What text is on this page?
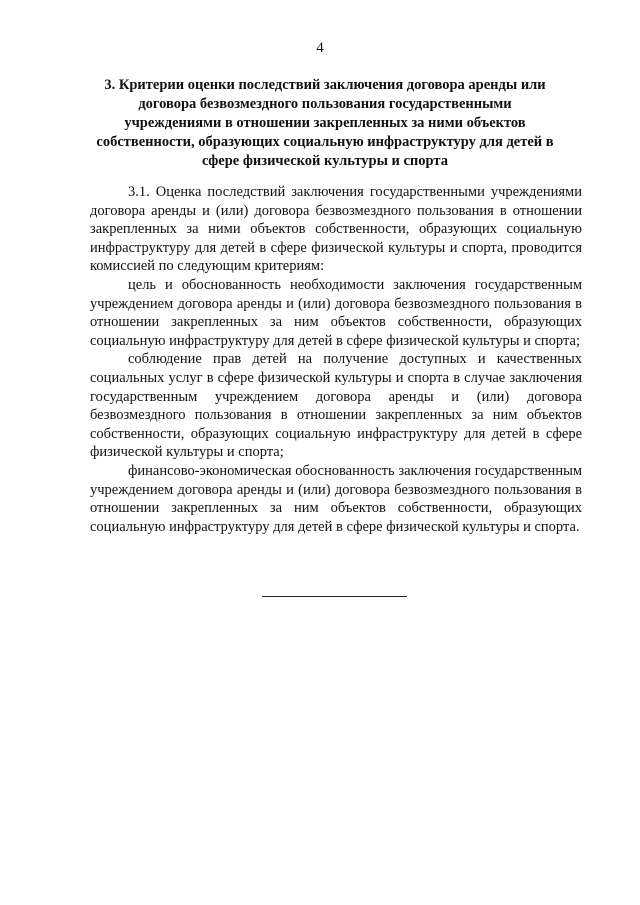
4
3. Критерии оценки последствий заключения договора аренды или договора безвозмездного пользования государственными учреждениями в отношении закрепленных за ними объектов собственности, образующих социальную инфраструктуру для детей в сфере физической культуры и спорта

3.1. Оценка последствий заключения государственными учреждениями договора аренды и (или) договора безвозмездного пользования в отношении закрепленных за ними объектов собственности, образующих социальную инфраструктуру для детей в сфере физической культуры и спорта, проводится комиссией по следующим критериям:

цель и обоснованность необходимости заключения государственным учреждением договора аренды и (или) договора безвозмездного пользования в отношении закрепленных за ним объектов собственности, образующих социальную инфраструктуру для детей в сфере физической культуры и спорта;

соблюдение прав детей на получение доступных и качественных социальных услуг в сфере физической культуры и спорта в случае заключения государственным учреждением договора аренды и (или) договора безвозмездного пользования в отношении закрепленных за ним объектов собственности, образующих социальную инфраструктуру для детей в сфере физической культуры и спорта;

финансово-экономическая обоснованность заключения государственным учреждением договора аренды и (или) договора безвозмездного пользования в отношении закрепленных за ним объектов собственности, образующих социальную инфраструктуру для детей в сфере физической культуры и спорта.
